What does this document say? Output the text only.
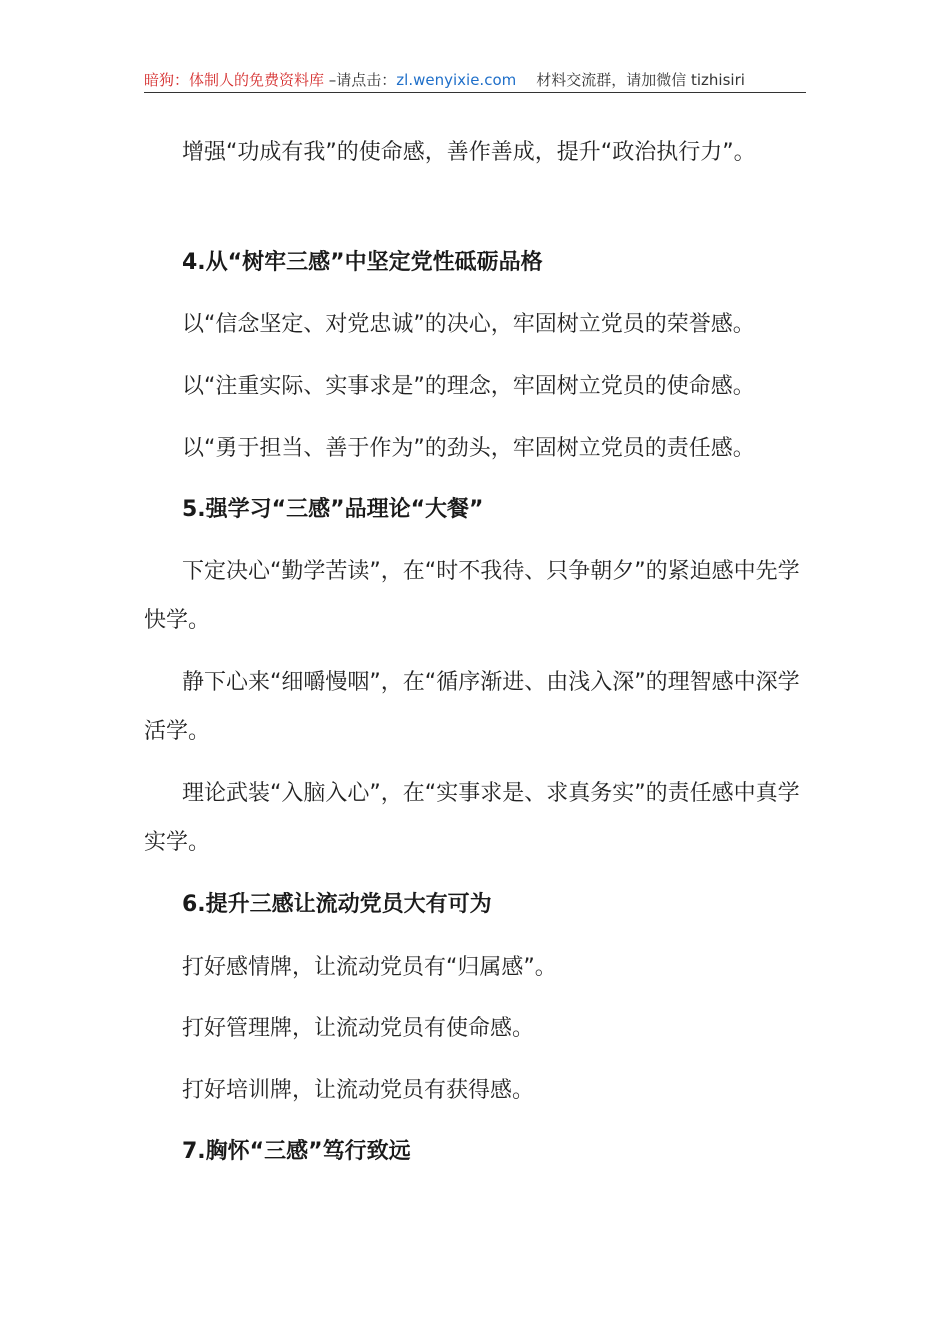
暗狗：体制人的免费资料库 –请点击：zl.wenyixie.com 材料交流群，请加微信 tizhisiri

增强“功成有我”的使命感，善作善成，提升“政治执行力”。

4.从“树牢三感”中坚定党性砥砺品格
以“信念坚定、对党忠诚”的决心，牢固树立党员的荣誉感。
以“注重实际、实事求是”的理念，牢固树立党员的使命感。
以“勇于担当、善于作为”的劲头，牢固树立党员的责任感。
5.强学习“三感”品理论“大餐”

下定决心“勤学苦读”，在“时不我待、只争朝夕”的紧迫感中先学快学。

静下心来“细嚼慢咽”，在“循序渐进、由浅入深”的理智感中深学活学。

理论武装“入脑入心”，在“实事求是、求真务实”的责任感中真学实学。

6.提升三感让流动党员大有可为
打好感情牌，让流动党员有“归属感”。
打好管理牌，让流动党员有使命感。
打好培训牌，让流动党员有获得感。
7.胸怀“三感”笃行致远
